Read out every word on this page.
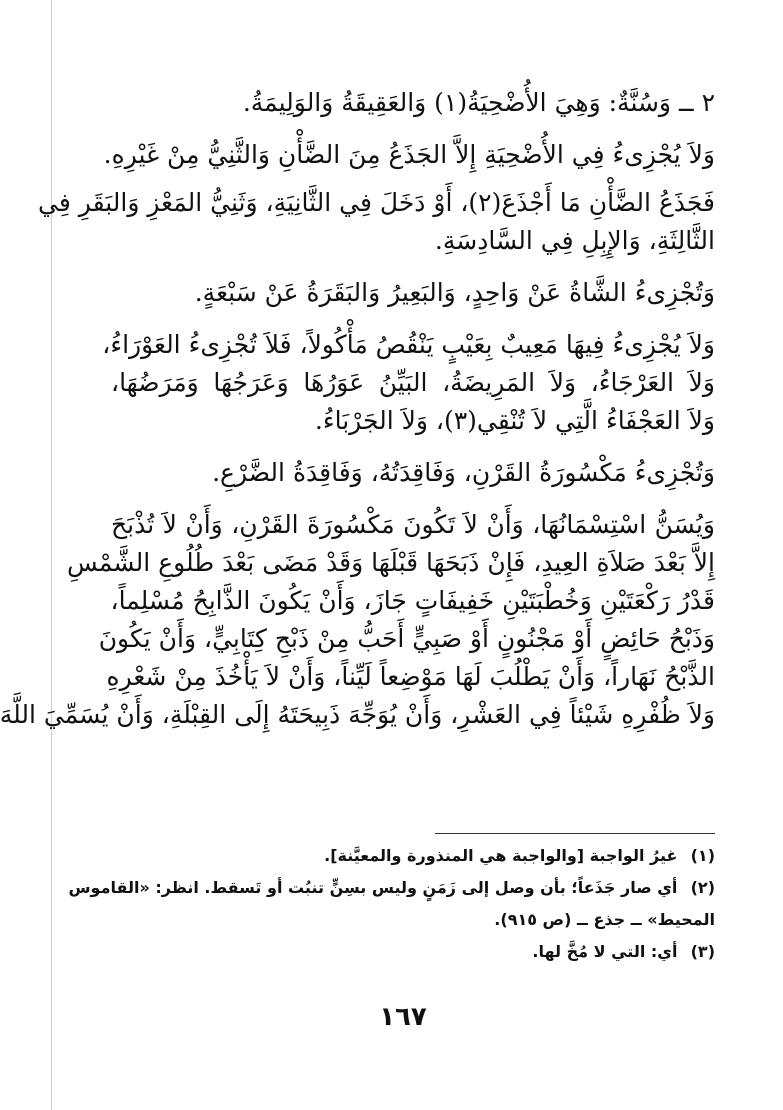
٢ ــ وَسُنَّةٌ: وَهِيَ الأُضْحِيَةُ(١) وَالعَقِيقَةُ وَالوَلِيمَةُ.
وَلاَ يُجْزِىءُ فِي الأُضْحِيَةِ إِلاَّ الجَذَعُ مِنَ الضَّأْنِ وَالثَّنِيُّ مِنْ غَيْرِهِ.
فَجَذَعُ الضَّأْنِ مَا أَجْذَعَ(٢)، أَوْ دَخَلَ فِي الثَّانِيَةِ، وَثَنِيُّ المَعْزِ وَالبَقَرِ فِي
الثَّالِثَةِ، وَالإِبِلِ فِي السَّادِسَةِ.
وَتُجْزِىءُ الشَّاةُ عَنْ وَاحِدٍ، وَالبَعِيرُ وَالبَقَرَةُ عَنْ سَبْعَةٍ.
وَلاَ يُجْزِىءُ فِيهَا مَعِيبٌ بِعَيْبٍ يَنْقُصُ مَأْكُولاً، فَلاَ تُجْزِىءُ العَوْرَاءُ،
وَلاَ العَرْجَاءُ، وَلاَ المَرِيضَةُ، البَيِّنُ عَوَرُهَا وَعَرَجُهَا وَمَرَضُهَا،
وَلاَ العَجْفَاءُ الَّتِي لاَ تُنْقِي(٣)، وَلاَ الجَرْبَاءُ.
وَتُجْزِىءُ مَكْسُورَةُ القَرْنِ، وَفَاقِدَتُهُ، وَفَاقِدَةُ الضَّرْعِ.
وَيُسَنُّ اسْتِسْمَانُهَا، وَأَنْ لاَ تَكُونَ مَكْسُورَةَ القَرْنِ، وَأَنْ لاَ تُذْبَحَ
إِلاَّ بَعْدَ صَلاَةِ العِيدِ، فَإِنْ ذَبَحَهَا قَبْلَهَا وَقَدْ مَضَى بَعْدَ طُلُوعِ الشَّمْسِ
قَدْرُ رَكْعَتَيْنِ وَخُطْبَتَيْنِ خَفِيفَاتٍ جَازَ، وَأَنْ يَكُونَ الذَّابِحُ مُسْلِماً،
وَذَبْحُ حَائِضٍ أَوْ مَجْنُونٍ أَوْ صَبِيٍّ أَحَبُّ مِنْ ذَبْحِ كِتَابِيٍّ، وَأَنْ يَكُونَ
الذَّبْحُ نَهَاراً، وَأَنْ يَطْلُبَ لَهَا مَوْضِعاً لَيِّناً، وَأَنْ لاَ يَأْخُذَ مِنْ شَعْرِهِ
وَلاَ ظُفْرِهِ شَيْئاً فِي العَشْرِ، وَأَنْ يُوَجِّهَ ذَبِيحَتَهُ إِلَى القِبْلَةِ، وَأَنْ يُسَمِّيَ اللَّهَ
(١) غيرُ الواجبة [والواجبة هي المنذورة والمعيَّنة].
(٢) أي صار جَذَعاً؛ بأن وصل إلى زَمَنٍ وليس بسِنٍّ تنبُت أو تَسقط. انظر: «القاموس
المحيط» ــ جذع ــ (ص ٩١٥).
(٣) أي: التي لا مُخَّ لها.
١٦٧
